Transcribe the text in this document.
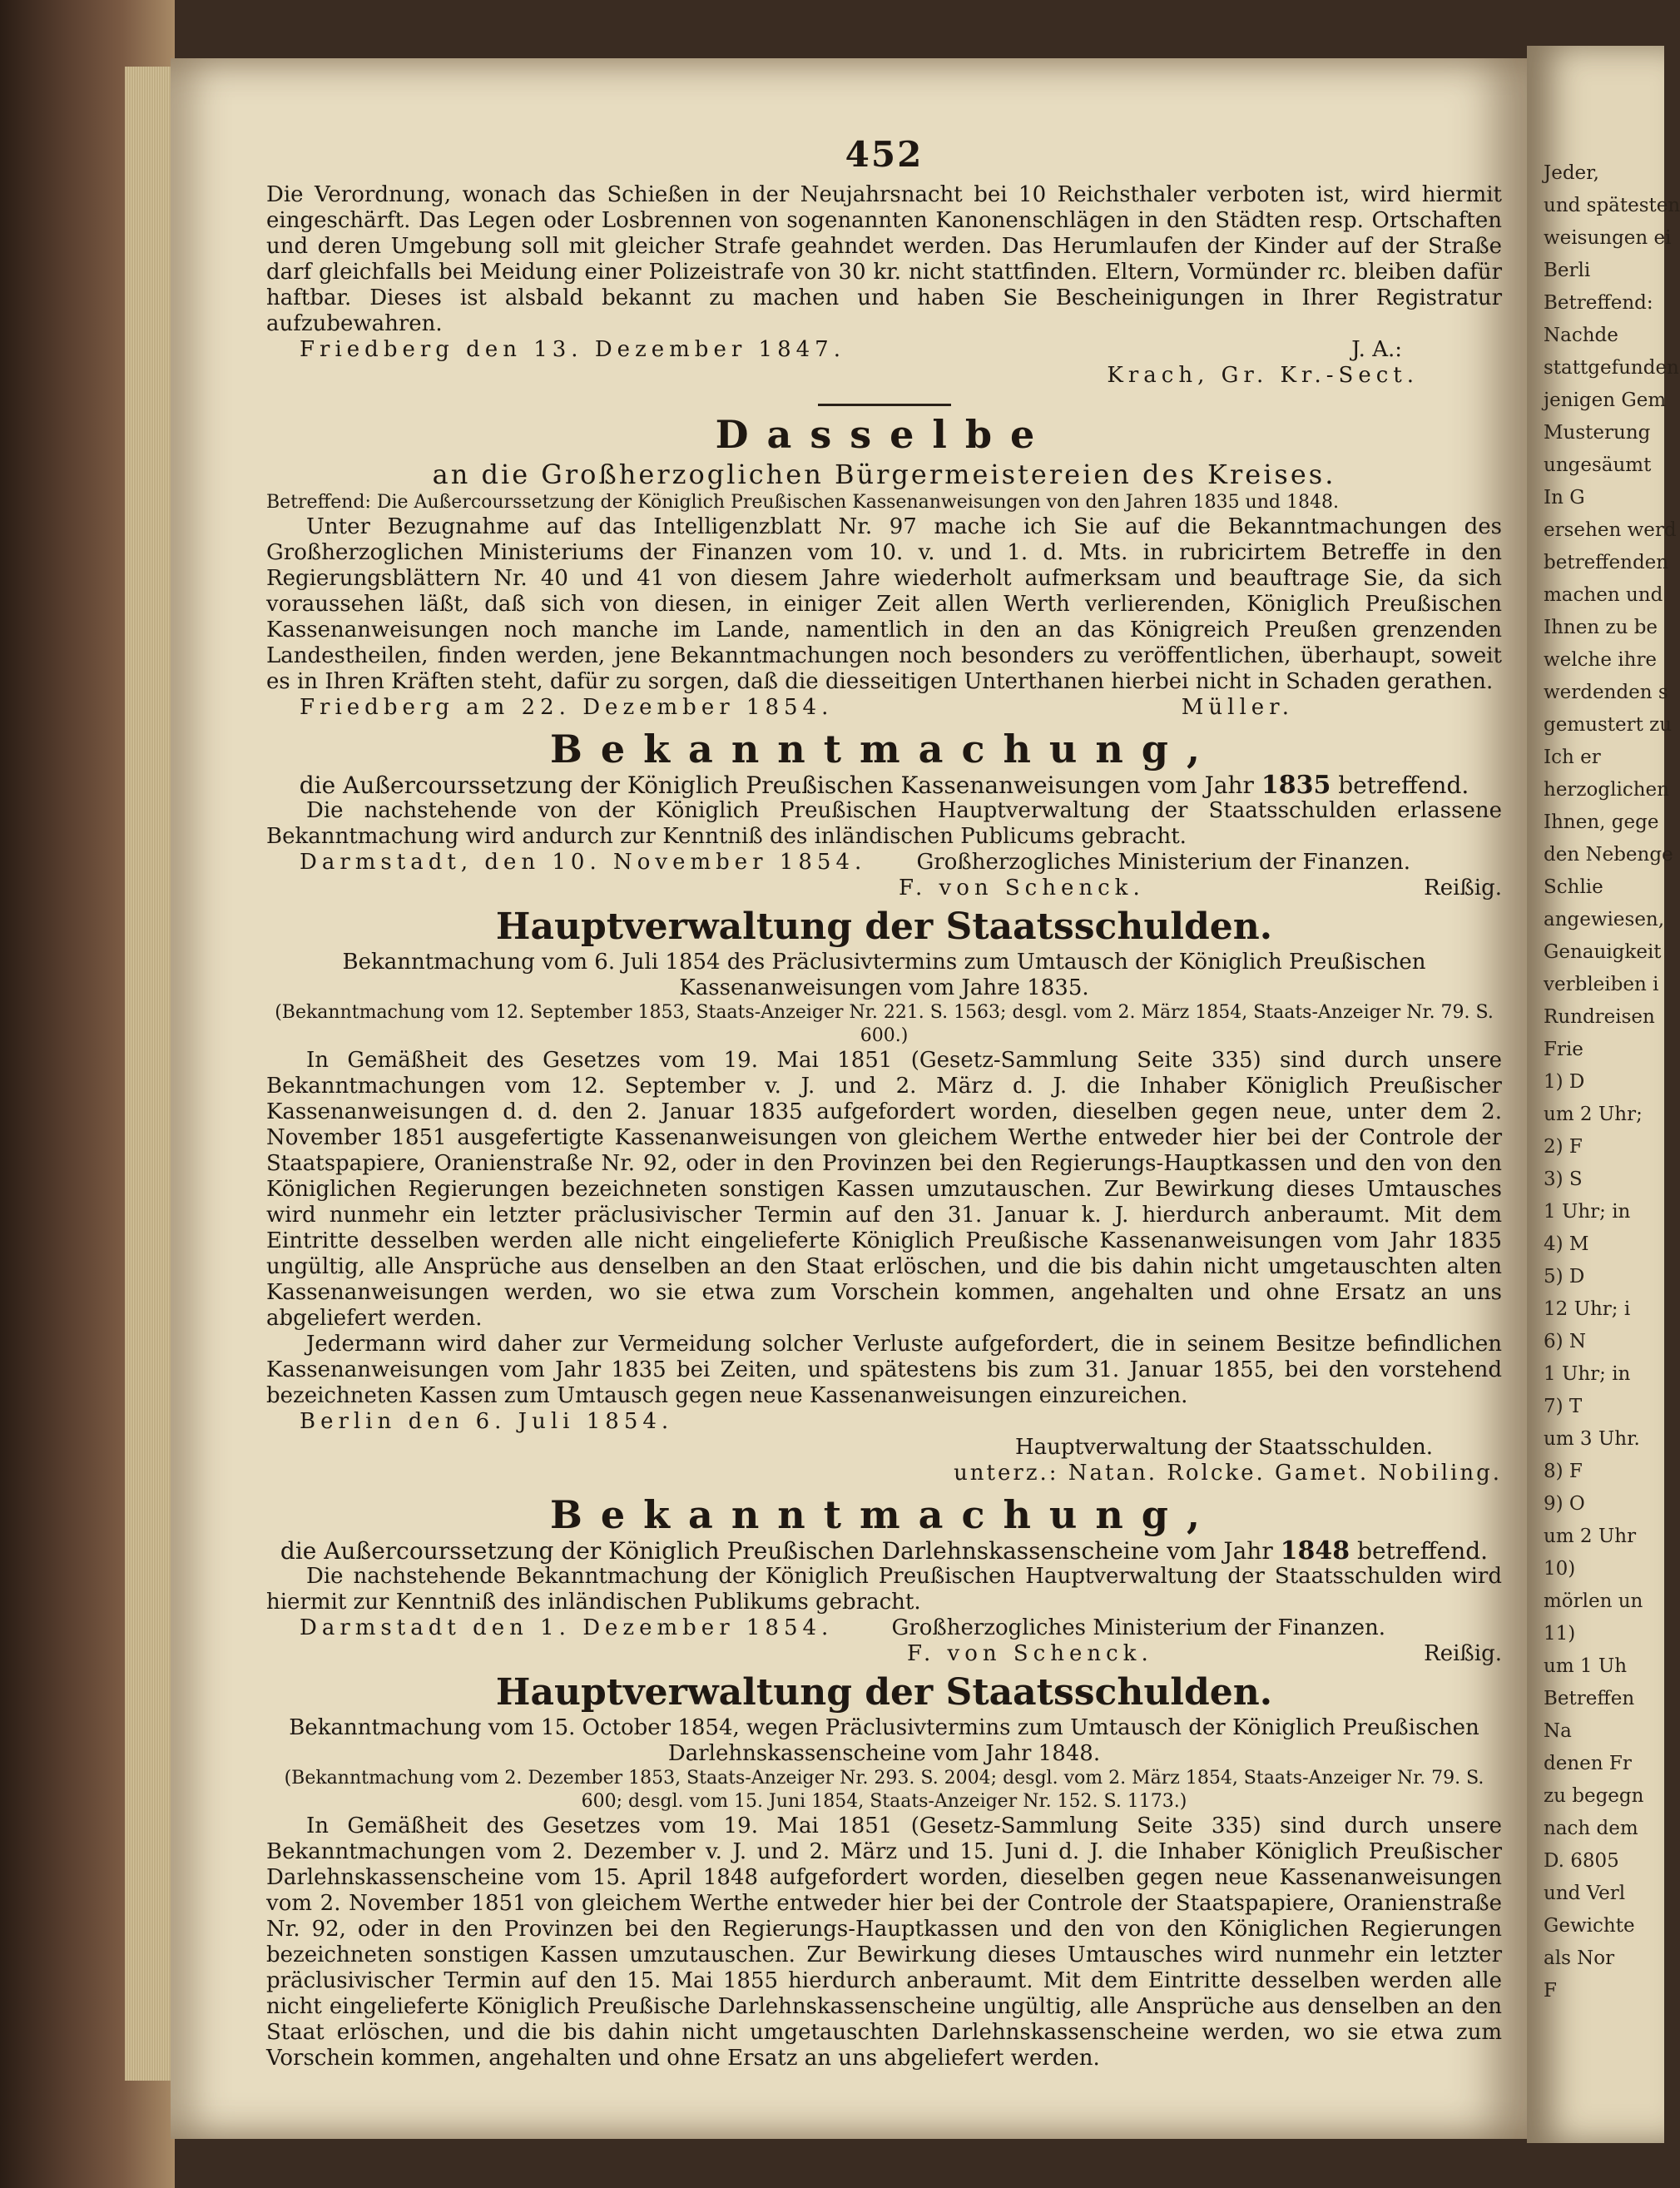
Jeder,
und spätesten
weisungen ei
Berli
Betreffend:
Nachde
stattgefunden
jenigen Gem
Musterung
ungesäumt
In G
ersehen werd
betreffenden
machen und
Ihnen zu be
welche ihre
werdenden s
gemustert zu
Ich er
herzoglichen
Ihnen, gege
den Nebenge
Schlie
angewiesen,
Genauigkeit
verbleiben i
Rundreisen
Frie
1) D
um 2 Uhr;
2) F
3) S
1 Uhr; in
4) M
5) D
12 Uhr; i
6) N
1 Uhr; in
7) T
um 3 Uhr.
8) F
9) O
um 2 Uhr
10)
mörlen un
11)
um 1 Uh
Betreffen
Na
denen Fr
zu begegn
nach dem
D. 6805
und Verl
Gewichte
als Nor
F
452

Die Verordnung, wonach das Schießen in der Neujahrsnacht bei 10 Reichsthaler verboten ist, wird hiermit eingeschärft. Das Legen oder Losbrennen von sogenannten Kanonenschlägen in den Städten resp. Ortschaften und deren Umgebung soll mit gleicher Strafe geahndet werden. Das Herumlaufen der Kinder auf der Straße darf gleichfalls bei Meidung einer Polizeistrafe von 30 kr. nicht stattfinden. Eltern, Vormünder rc. bleiben dafür haftbar. Dieses ist alsbald bekannt zu machen und haben Sie Bescheinigungen in Ihrer Registratur aufzubewahren.

Friedberg den 13. Dezember 1847.	J. A.:
Krach, Gr. Kr.-Sect.
Dasselbe
an die Großherzoglichen Bürgermeistereien des Kreises.

Betreffend: Die Außercourssetzung der Königlich Preußischen Kassenanweisungen von den Jahren 1835 und 1848.

Unter Bezugnahme auf das Intelligenzblatt Nr. 97 mache ich Sie auf die Bekanntmachungen des Großherzoglichen Ministeriums der Finanzen vom 10. v. und 1. d. Mts. in rubricirtem Betreffe in den Regierungsblättern Nr. 40 und 41 von diesem Jahre wiederholt aufmerksam und beauftrage Sie, da sich voraussehen läßt, daß sich von diesen, in einiger Zeit allen Werth verlierenden, Königlich Preußischen Kassenanweisungen noch manche im Lande, namentlich in den an das Königreich Preußen grenzenden Landestheilen, finden werden, jene Bekanntmachungen noch besonders zu veröffentlichen, überhaupt, soweit es in Ihren Kräften steht, dafür zu sorgen, daß die diesseitigen Unterthanen hierbei nicht in Schaden gerathen.

Friedberg am 22. Dezember 1854.	Müller.
Bekanntmachung,
die Außercourssetzung der Königlich Preußischen Kassenanweisungen vom Jahr 1835 betreffend.

Die nachstehende von der Königlich Preußischen Hauptverwaltung der Staatsschulden erlassene Bekanntmachung wird andurch zur Kenntniß des inländischen Publicums gebracht.

Darmstadt, den 10. November 1854. Großherzogliches Ministerium der Finanzen.
F. von Schenck.	Reißig.
Hauptverwaltung der Staatsschulden.

Bekanntmachung vom 6. Juli 1854 des Präclusivtermins zum Umtausch der Königlich Preußischen Kassenanweisungen vom Jahre 1835.

(Bekanntmachung vom 12. September 1853, Staats-Anzeiger Nr. 221. S. 1563; desgl. vom 2. März 1854, Staats-Anzeiger Nr. 79. S. 600.)

In Gemäßheit des Gesetzes vom 19. Mai 1851 (Gesetz-Sammlung Seite 335) sind durch unsere Bekanntmachungen vom 12. September v. J. und 2. März d. J. die Inhaber Königlich Preußischer Kassenanweisungen d. d. den 2. Januar 1835 aufgefordert worden, dieselben gegen neue, unter dem 2. November 1851 ausgefertigte Kassenanweisungen von gleichem Werthe entweder hier bei der Controle der Staatspapiere, Oranienstraße Nr. 92, oder in den Provinzen bei den Regierungs-Hauptkassen und den von den Königlichen Regierungen bezeichneten sonstigen Kassen umzutauschen. Zur Bewirkung dieses Umtausches wird nunmehr ein letzter präclusivischer Termin auf den 31. Januar k. J. hierdurch anberaumt. Mit dem Eintritte desselben werden alle nicht eingelieferte Königlich Preußische Kassenanweisungen vom Jahr 1835 ungültig, alle Ansprüche aus denselben an den Staat erlöschen, und die bis dahin nicht umgetauschten alten Kassenanweisungen werden, wo sie etwa zum Vorschein kommen, angehalten und ohne Ersatz an uns abgeliefert werden.

Jedermann wird daher zur Vermeidung solcher Verluste aufgefordert, die in seinem Besitze befindlichen Kassenanweisungen vom Jahr 1835 bei Zeiten, und spätestens bis zum 31. Januar 1855, bei den vorstehend bezeichneten Kassen zum Umtausch gegen neue Kassenanweisungen einzureichen.

Berlin den 6. Juli 1854.
Hauptverwaltung der Staatsschulden.
unterz.: Natan. Rolcke. Gamet. Nobiling.
Bekanntmachung,
die Außercourssetzung der Königlich Preußischen Darlehnskassenscheine vom Jahr 1848 betreffend.

Die nachstehende Bekanntmachung der Königlich Preußischen Hauptverwaltung der Staatsschulden wird hiermit zur Kenntniß des inländischen Publikums gebracht.

Darmstadt den 1. Dezember 1854.	Großherzogliches Ministerium der Finanzen.
F. von Schenck.	Reißig.
Hauptverwaltung der Staatsschulden.

Bekanntmachung vom 15. October 1854, wegen Präclusivtermins zum Umtausch der Königlich Preußischen Darlehnskassenscheine vom Jahr 1848.

(Bekanntmachung vom 2. Dezember 1853, Staats-Anzeiger Nr. 293. S. 2004; desgl. vom 2. März 1854, Staats-Anzeiger Nr. 79. S. 600; desgl. vom 15. Juni 1854, Staats-Anzeiger Nr. 152. S. 1173.)

In Gemäßheit des Gesetzes vom 19. Mai 1851 (Gesetz-Sammlung Seite 335) sind durch unsere Bekanntmachungen vom 2. Dezember v. J. und 2. März und 15. Juni d. J. die Inhaber Königlich Preußischer Darlehnskassenscheine vom 15. April 1848 aufgefordert worden, dieselben gegen neue Kassenanweisungen vom 2. November 1851 von gleichem Werthe entweder hier bei der Controle der Staatspapiere, Oranienstraße Nr. 92, oder in den Provinzen bei den Regierungs-Hauptkassen und den von den Königlichen Regierungen bezeichneten sonstigen Kassen umzutauschen. Zur Bewirkung dieses Umtausches wird nunmehr ein letzter präclusivischer Termin auf den 15. Mai 1855 hierdurch anberaumt. Mit dem Eintritte desselben werden alle nicht eingelieferte Königlich Preußische Darlehnskassenscheine ungültig, alle Ansprüche aus denselben an den Staat erlöschen, und die bis dahin nicht umgetauschten Darlehnskassenscheine werden, wo sie etwa zum Vorschein kommen, angehalten und ohne Ersatz an uns abgeliefert werden.
